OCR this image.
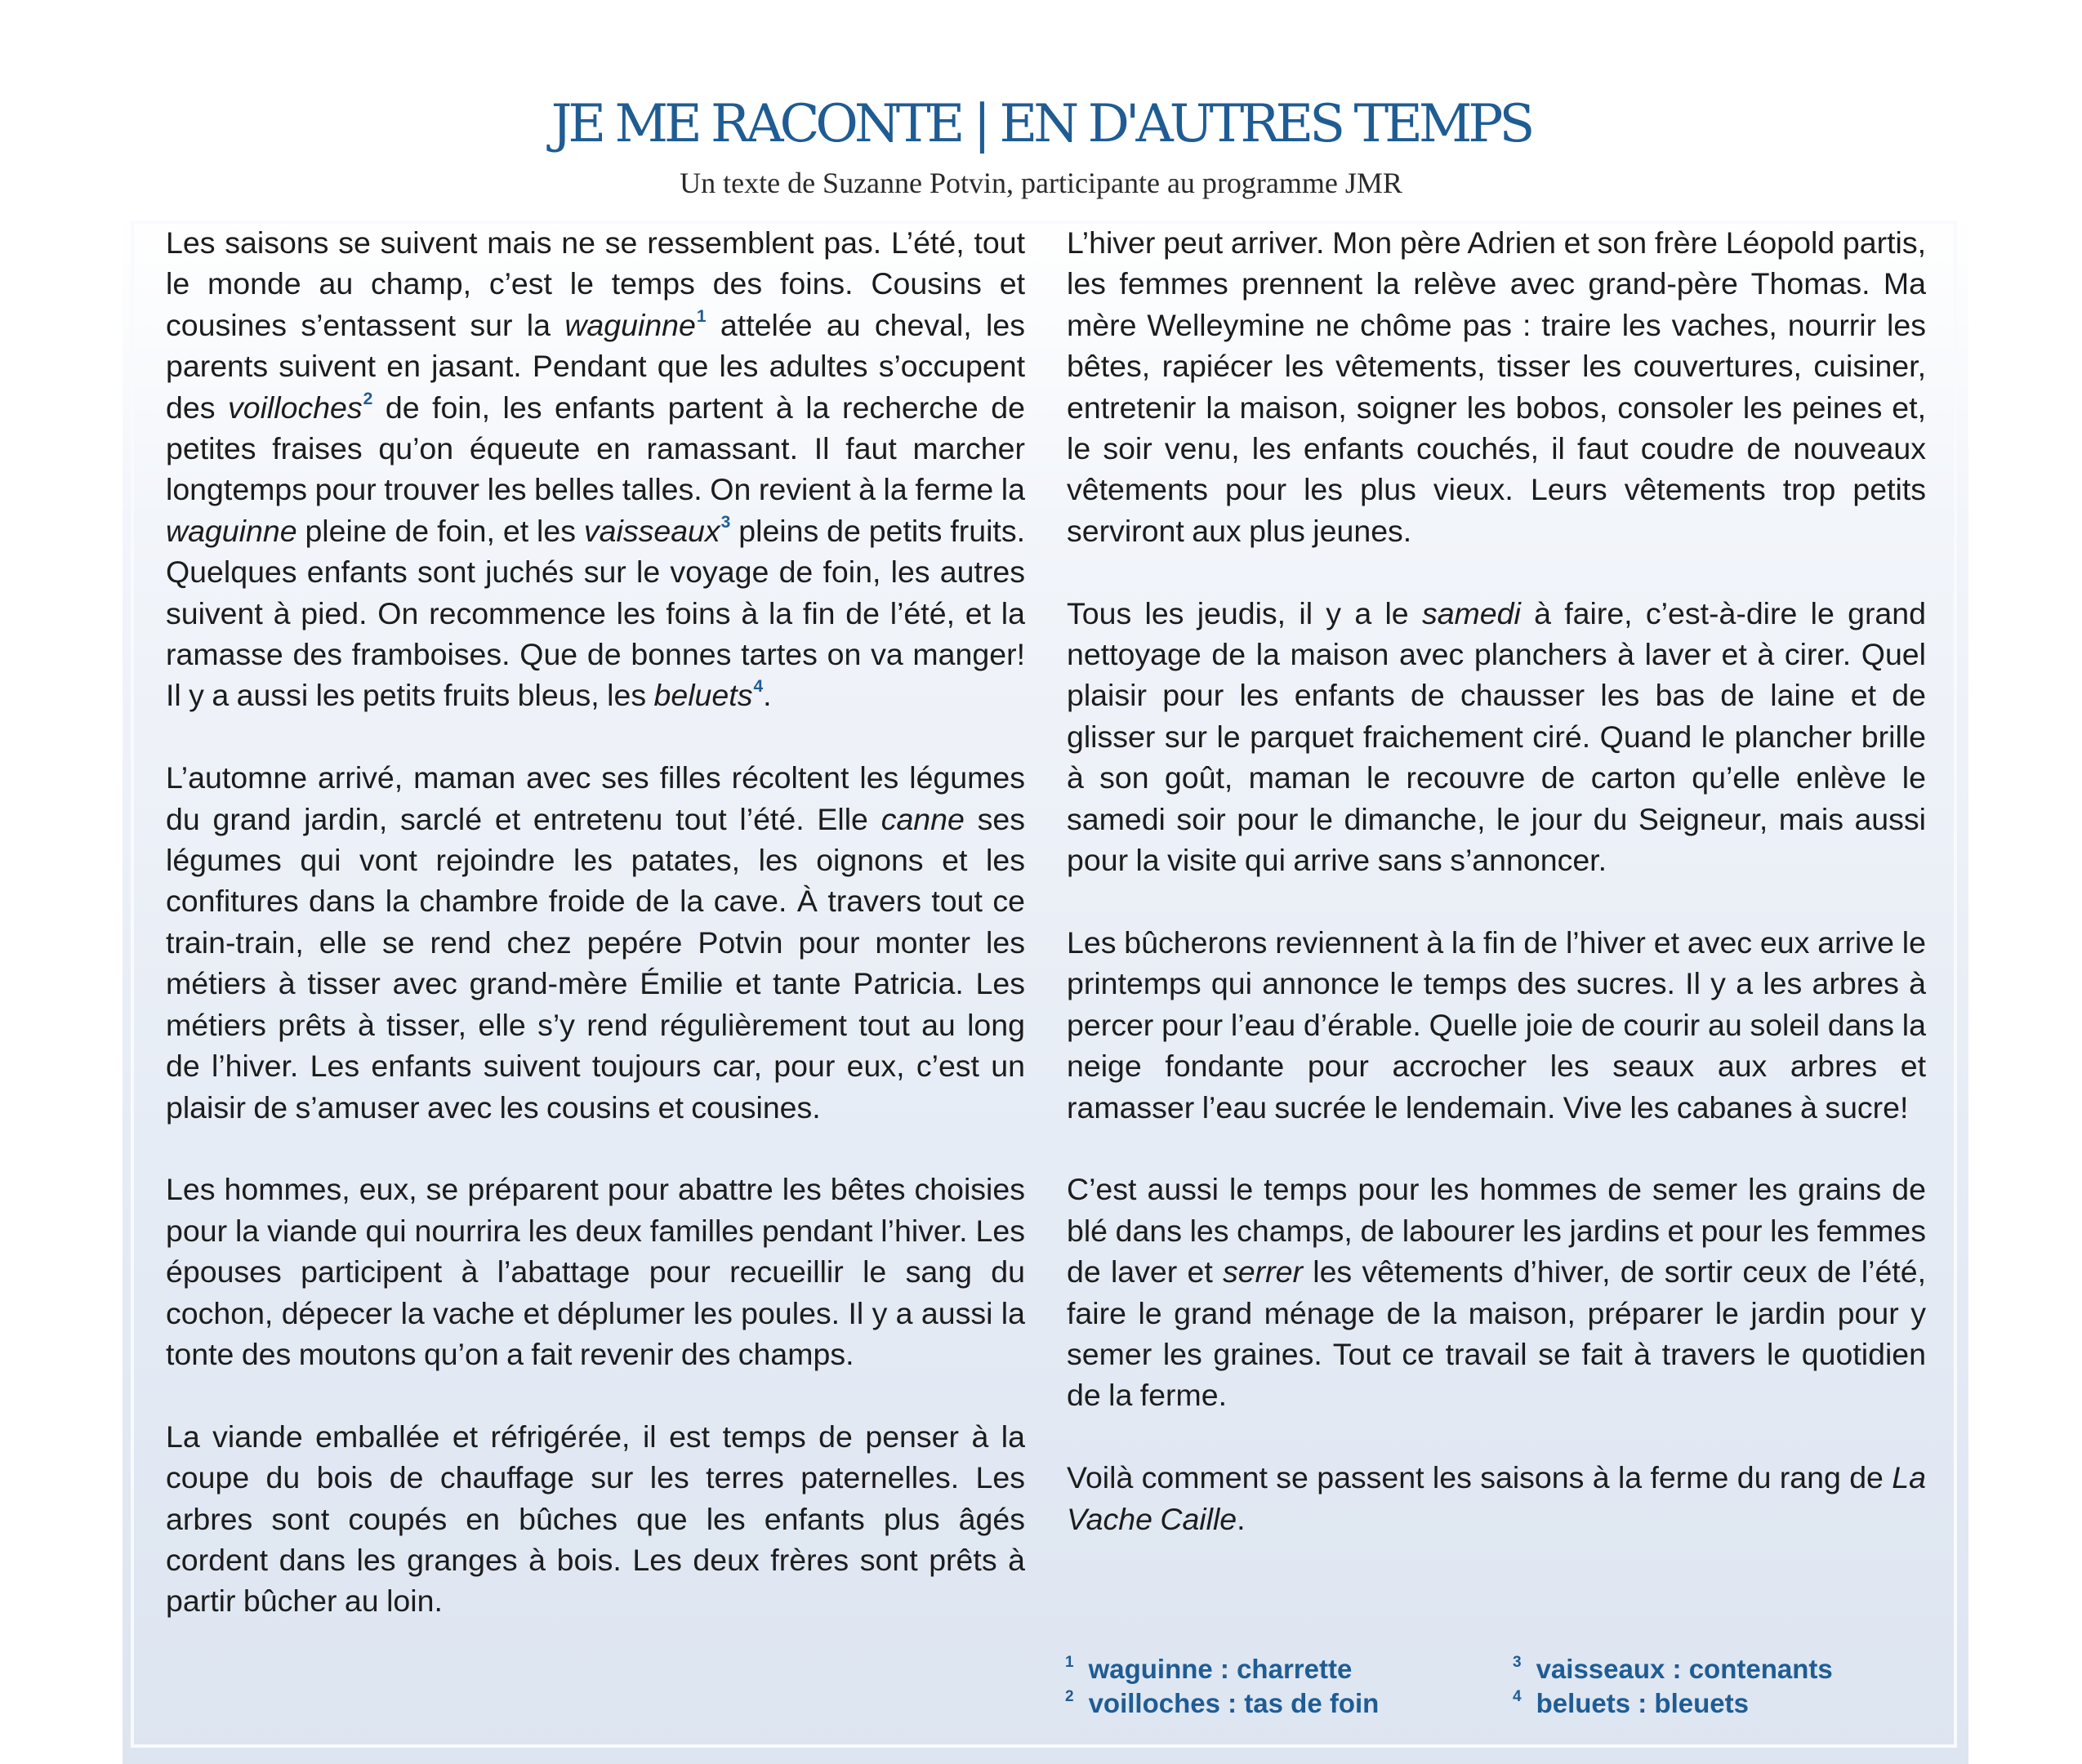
JE ME RACONTE | EN D'AUTRES TEMPS
Un texte de Suzanne Potvin, participante au programme JMR

Les saisons se suivent mais ne se ressemblent pas. L’été, tout le monde au champ, c’est le temps des foins. Cousins et cousines s’entassent sur la waguinne$^1$ attelée au cheval, les parents suivent en jasant. Pendant que les adultes s’occupent des voilloches$^2$ de foin, les enfants partent à la recherche de petites fraises qu’on équeute en ramassant. Il faut marcher longtemps pour trouver les belles talles. On revient à la ferme la waguinne pleine de foin, et les vaisseaux$^3$ pleins de petits fruits. Quelques enfants sont juchés sur le voyage de foin, les autres suivent à pied. On recommence les foins à la fin de l’été, et la ramasse des framboises. Que de bonnes tartes on va manger! Il y a aussi les petits fruits bleus, les beluets$^4$.

L’automne arrivé, maman avec ses filles récoltent les légumes du grand jardin, sarclé et entretenu tout l’été. Elle canne ses légumes qui vont rejoindre les patates, les oignons et les confitures dans la chambre froide de la cave. À travers tout ce train-train, elle se rend chez pepére Potvin pour monter les métiers à tisser avec grand-mère Émilie et tante Patricia. Les métiers prêts à tisser, elle s’y rend régulièrement tout au long de l’hiver. Les enfants suivent toujours car, pour eux, c’est un plaisir de s’amuser avec les cousins et cousines.

Les hommes, eux, se préparent pour abattre les bêtes choisies pour la viande qui nourrira les deux familles pendant l’hiver. Les épouses participent à l’abattage pour recueillir le sang du cochon, dépecer la vache et déplumer les poules. Il y a aussi la tonte des moutons qu’on a fait revenir des champs.

La viande emballée et réfrigérée, il est temps de penser à la coupe du bois de chauffage sur les terres paternelles. Les arbres sont coupés en bûches que les enfants plus âgés cordent dans les granges à bois. Les deux frères sont prêts à partir bûcher au loin.

L’hiver peut arriver. Mon père Adrien et son frère Léopold partis, les femmes prennent la relève avec grand-père Thomas. Ma mère Welleymine ne chôme pas : traire les vaches, nourrir les bêtes, rapiécer les vêtements, tisser les couvertures, cuisiner, entretenir la maison, soigner les bobos, consoler les peines et, le soir venu, les enfants couchés, il faut coudre de nouveaux vêtements pour les plus vieux. Leurs vêtements trop petits serviront aux plus jeunes.

Tous les jeudis, il y a le samedi à faire, c’est-à-dire le grand nettoyage de la maison avec planchers à laver et à cirer. Quel plaisir pour les enfants de chausser les bas de laine et de glisser sur le parquet fraichement ciré. Quand le plancher brille à son goût, maman le recouvre de carton qu’elle enlève le samedi soir pour le dimanche, le jour du Seigneur, mais aussi pour la visite qui arrive sans s’annoncer.

Les bûcherons reviennent à la fin de l’hiver et avec eux arrive le printemps qui annonce le temps des sucres. Il y a les arbres à percer pour l’eau d’érable. Quelle joie de courir au soleil dans la neige fondante pour accrocher les seaux aux arbres et ramasser l’eau sucrée le lendemain. Vive les cabanes à sucre!

C’est aussi le temps pour les hommes de semer les grains de blé dans les champs, de labourer les jardins et pour les femmes de laver et serrer les vêtements d’hiver, de sortir ceux de l’été, faire le grand ménage de la maison, préparer le jardin pour y semer les graines. Tout ce travail se fait à travers le quotidien de la ferme.

Voilà comment se passent les saisons à la ferme du rang de La Vache Caille.

$^1$ waguinne : charrette
$^2$ voilloches : tas de foin
$^3$ vaisseaux : contenants
$^4$ beluets : bleuets
